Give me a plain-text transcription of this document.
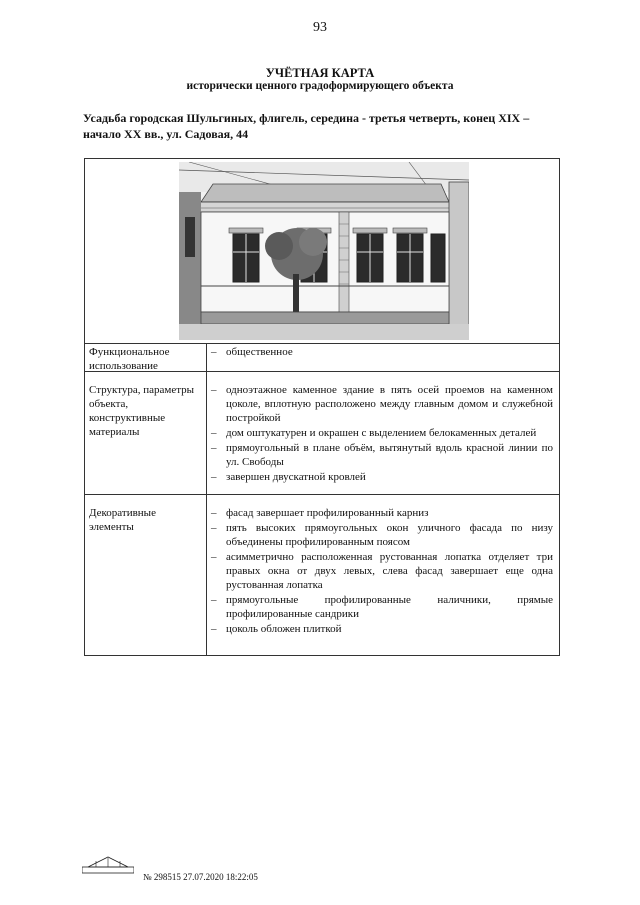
93
УЧЁТНАЯ КАРТА
исторически ценного градоформирующего объекта
Усадьба городская Шульгиных, флигель, середина - третья четверть, конец XIX – начало XX вв., ул. Садовая, 44
Функциональное использование
– общественное
Структура, параметры объекта, конструктивные материалы
– одноэтажное каменное здание в пять осей проемов на каменном цоколе, вплотную расположено между главным домом и служебной постройкой
– дом оштукатурен и окрашен с выделением белокаменных деталей
– прямоугольный в плане объём, вытянутый вдоль красной линии по ул. Свободы
– завершен двускатной кровлей
Декоративные элементы
– фасад завершает профилированный карниз
– пять высоких прямоугольных окон уличного фасада по низу объединены профилированным поясом
– асимметрично расположенная рустованная лопатка отделяет три правых окна от двух левых, слева фасад завершает еще одна рустованная лопатка
– прямоугольные профилированные наличники, прямые профилированные сандрики
– цоколь обложен плиткой
№ 298515 27.07.2020 18:22:05
